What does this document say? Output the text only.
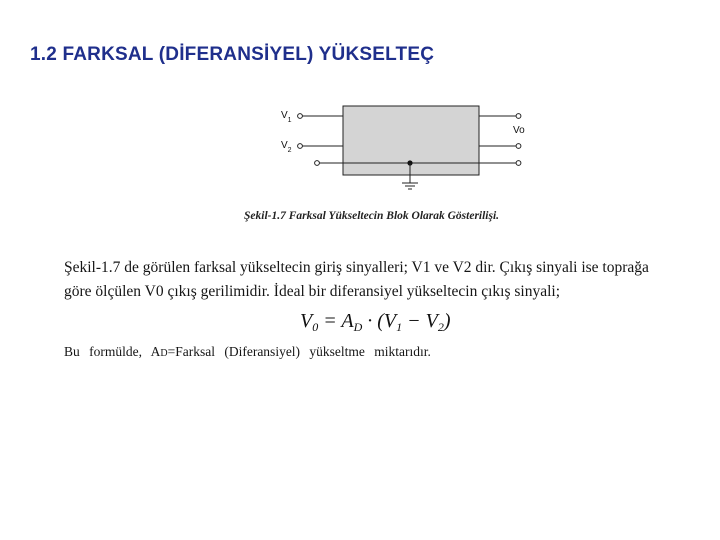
1.2 FARKSAL (DİFERANSİYEL) YÜKSELTEÇ
$V_1$
$V_2$
Vo
Şekil-1.7 Farksal Yükseltecin Blok Olarak Gösterilişi.
Şekil-1.7 de görülen farksal yükseltecin giriş sinyalleri; V1 ve V2 dir. Çıkış sinyali ise toprağa
göre ölçülen V0 çıkış gerilimidir. İdeal bir diferansiyel yükseltecin çıkış sinyali;
$V_0 = A_D \cdot (V_1 - V_2)$
Bu formülde, AD=Farksal (Diferansiyel) yükseltme miktarıdır.
